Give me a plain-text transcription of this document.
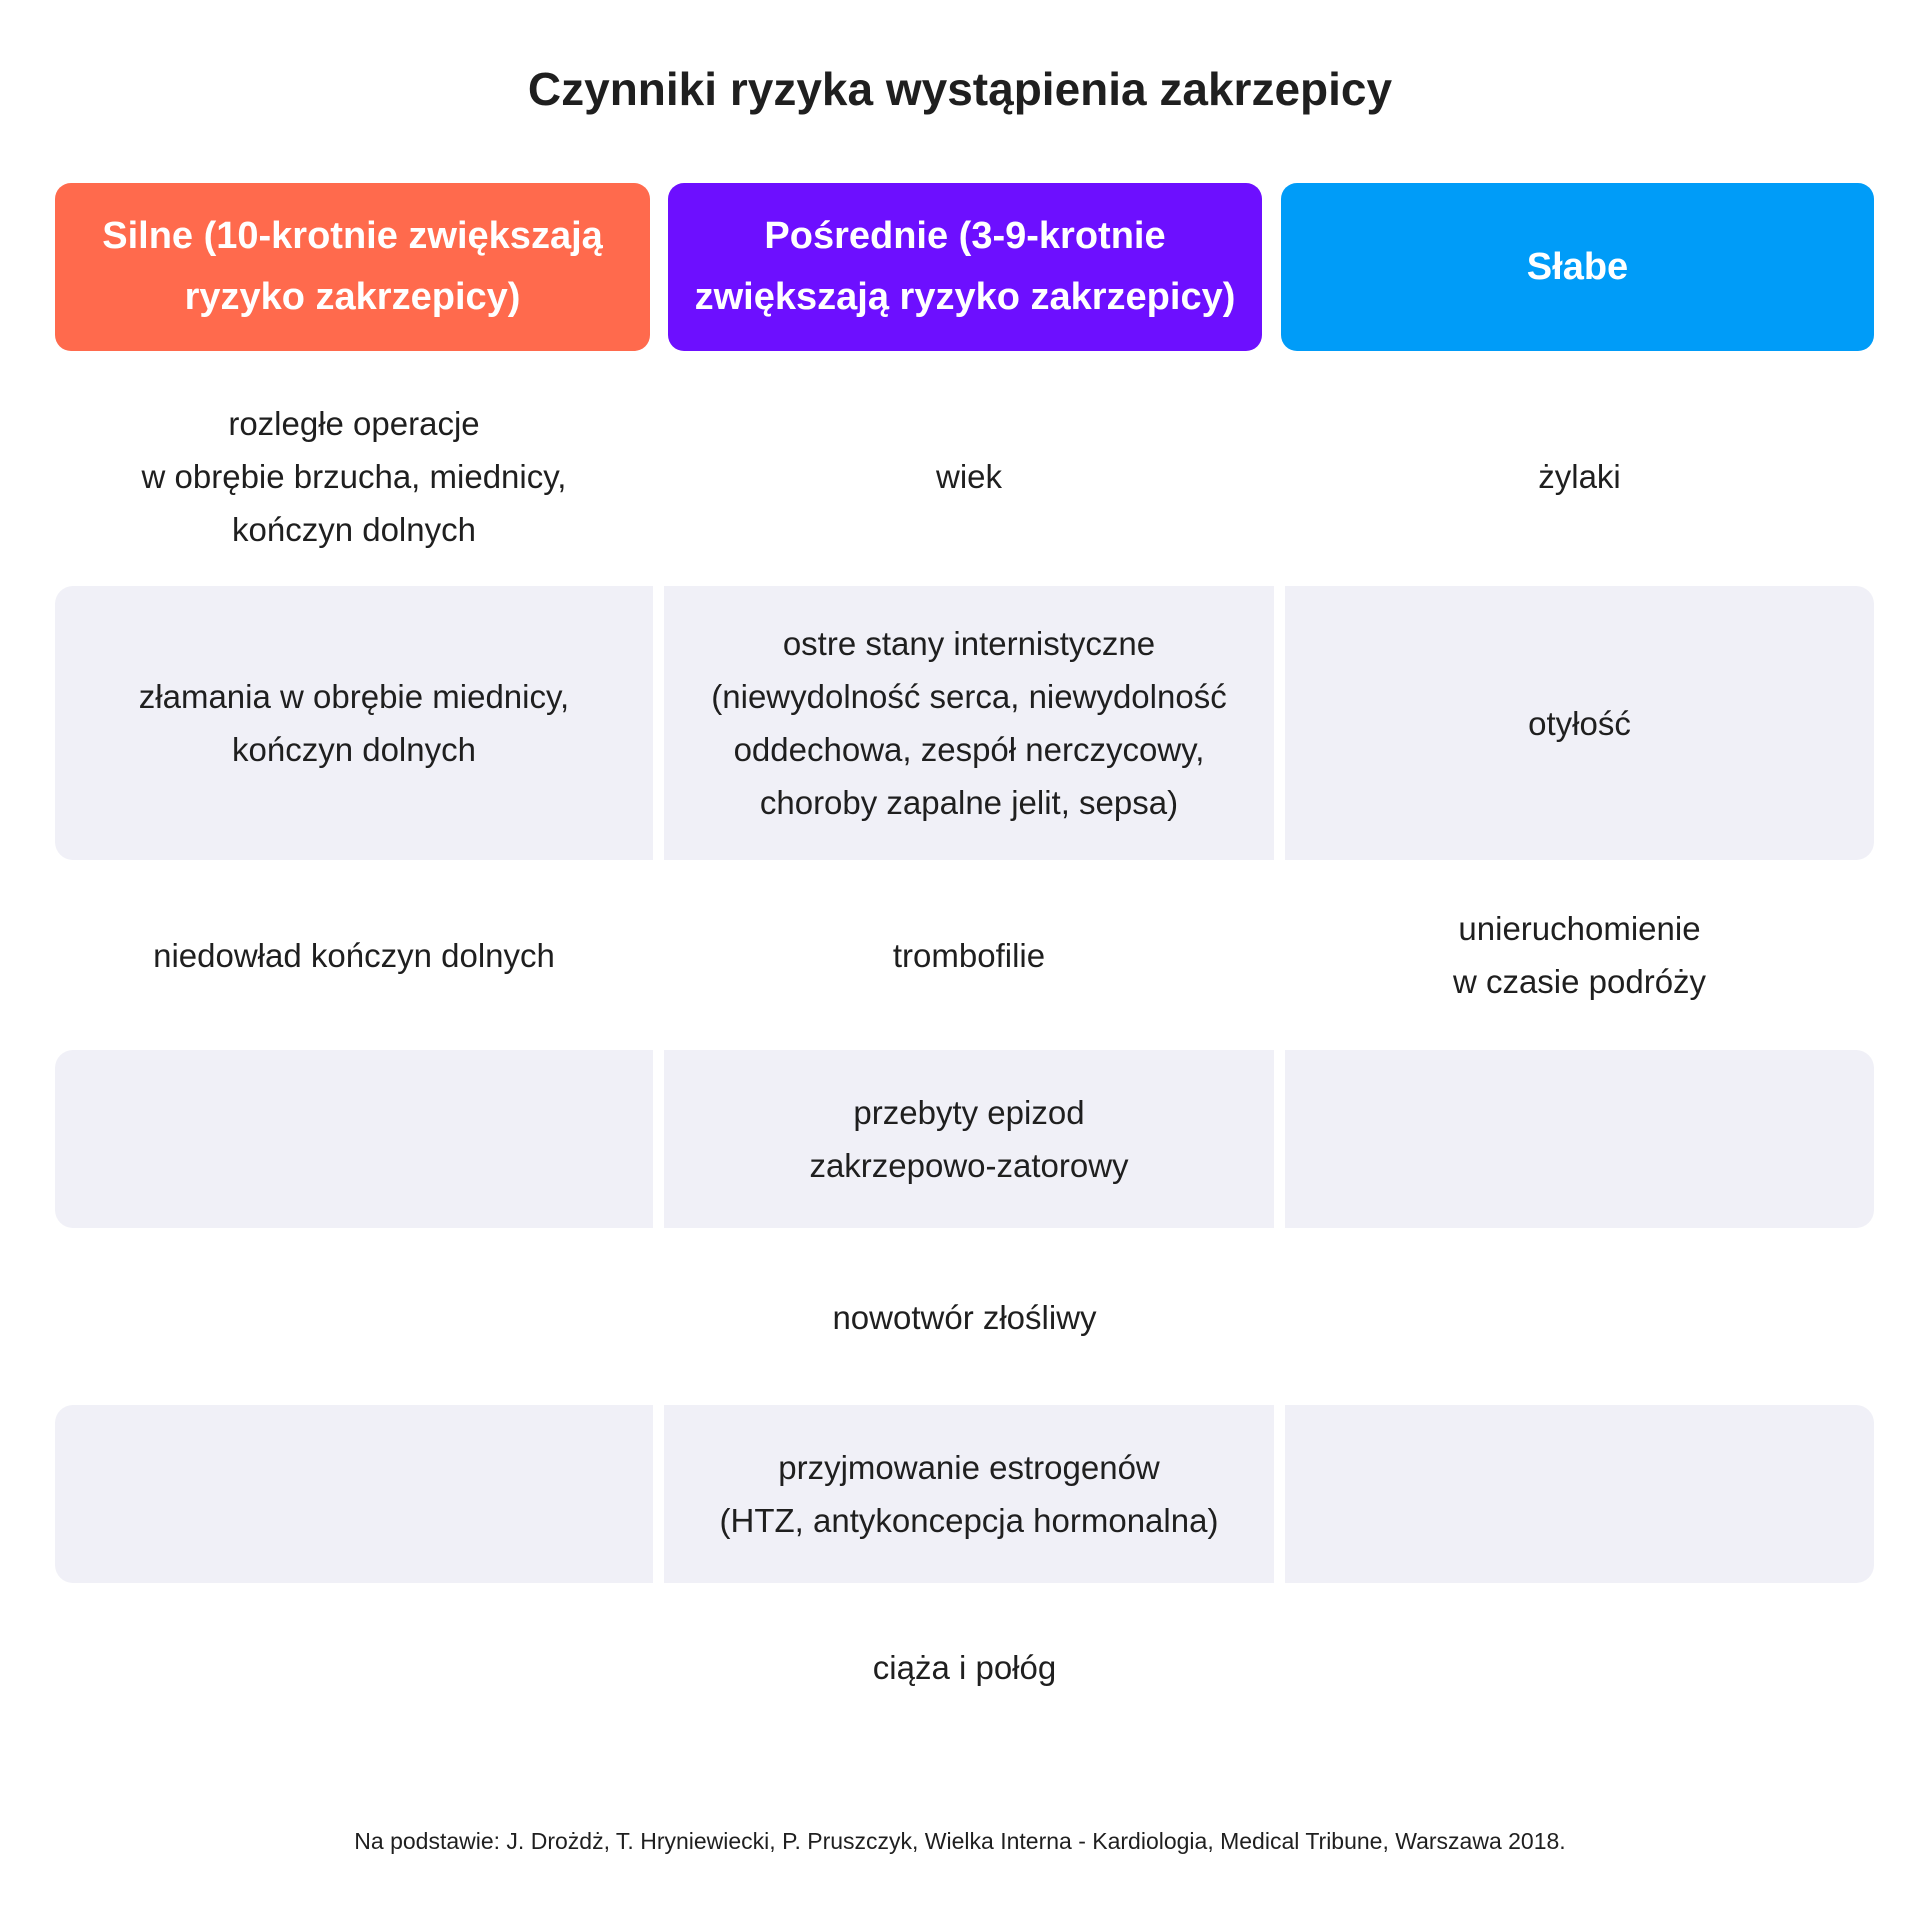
Czynniki ryzyka wystąpienia zakrzepicy
Silne (10-krotnie zwiększają ryzyko zakrzepicy)
Pośrednie (3-9-krotnie zwiększają ryzyko zakrzepicy)
Słabe
rozległe operacje
w obrębie brzucha, miednicy,
kończyn dolnych
wiek	żylaki
złamania w obrębie miednicy,
kończyn dolnych
ostre stany internistyczne
(niewydolność serca, niewydolność
oddechowa, zespół nerczycowy,
choroby zapalne jelit, sepsa)
otyłość
niedowład kończyn dolnych	trombofilie
unieruchomienie
w czasie podróży
przebyty epizod
zakrzepowo-zatorowy
nowotwór złośliwy
przyjmowanie estrogenów
(HTZ, antykoncepcja hormonalna)
ciąża i połóg
Na podstawie: J. Drożdż, T. Hryniewiecki, P. Pruszczyk, Wielka Interna - Kardiologia, Medical Tribune, Warszawa 2018.
